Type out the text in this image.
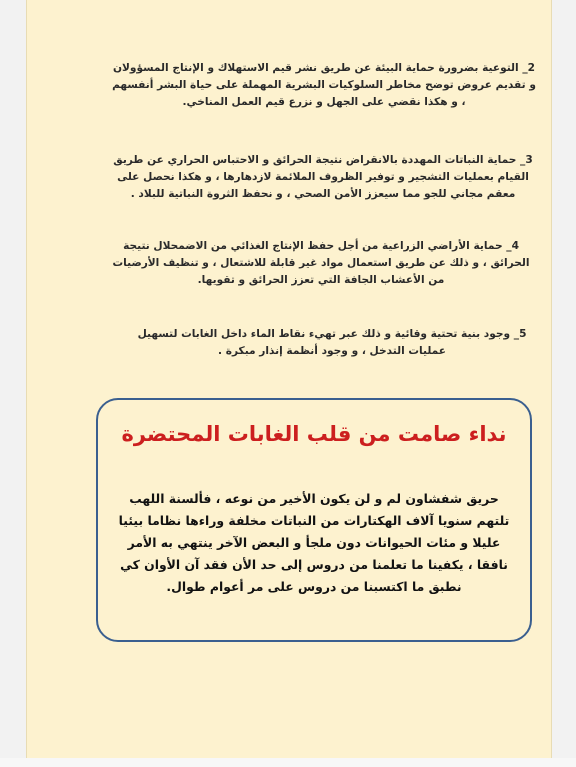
2_ التوعية بضرورة حماية البيئة عن طريق نشر قيم الاستهلاك و الإنتاج المسؤولان و تقديم عروض توضح مخاطر السلوكيات البشرية المهملة على حياة البشر أنفسهم ، و هكذا نقضي على الجهل و نزرع قيم العمل المناخي.
3_ حماية النباتات المهددة بالانقراض نتيجة الحرائق و الاحتباس الحراري عن طريق القيام بعمليات التشجير و توفير الظروف الملائمة لازدهارها ، و هكذا نحصل على معقم مجاني للجو مما سيعزز الأمن الصحي ، و نحفظ الثروة النباتية للبلاد .
4_ حماية الأراضي الزراعية من أجل حفظ الإنتاج الغذائي من الاضمحلال نتيجة الحرائق ، و ذلك عن طريق استعمال مواد غير قابلة للاشتعال ، و تنظيف الأرضيات من الأعشاب الجافة التي تعزز الحرائق و تقويها.
5_ وجود بنية تحتية وقائية و ذلك عبر تهيء نقاط الماء داخل الغابات لتسهيل عمليات التدخل ، و وجود أنظمة إنذار مبكرة .
نداء صامت من قلب الغابات المحتضرة
حريق شفشاون لم و لن يكون الأخير من نوعه ، فألسنة اللهب تلتهم سنويا آلاف الهكتارات من النباتات مخلفة وراءها نظاما بيئيا عليلا و مئات الحيوانات دون ملجأ و البعض الآخر ينتهي به الأمر نافقا ، يكفينا ما تعلمنا من دروس إلى حد الأن فقد آن الأوان كي نطبق ما اكتسبنا من دروس على مر أعوام طوال.
